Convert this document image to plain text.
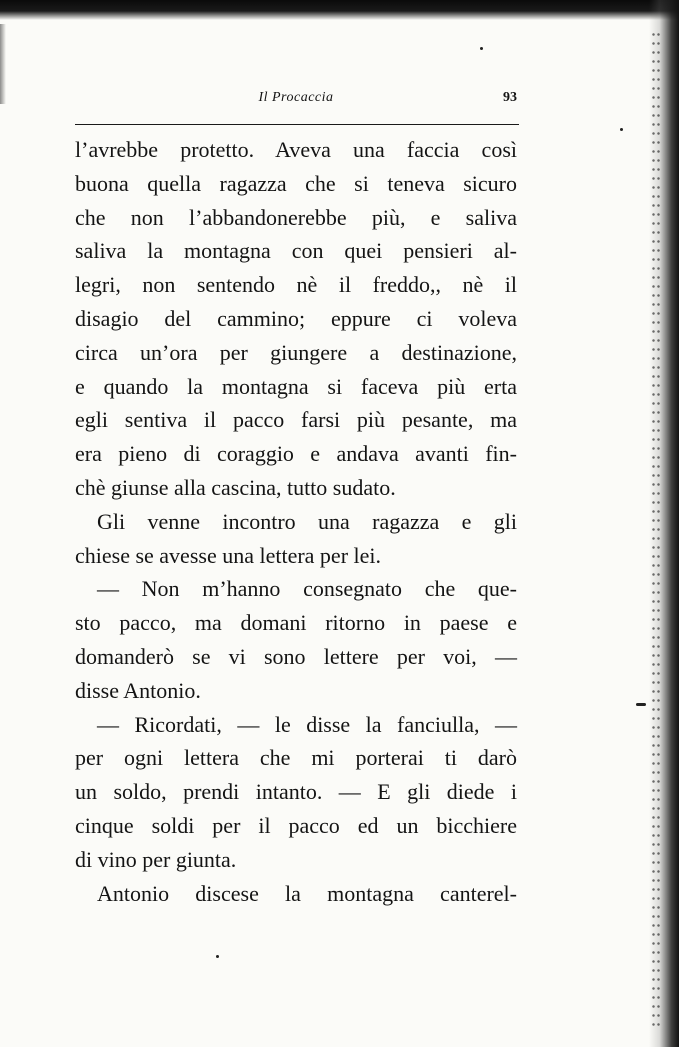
Il Procaccia	93
l’avrebbe protetto. Aveva una faccia così
buona quella ragazza che si teneva sicuro
che non l’abbandonerebbe più, e saliva
saliva la montagna con quei pensieri al-
legri, non sentendo nè il freddo,, nè il
disagio del cammino; eppure ci voleva
circa un’ora per giungere a destinazione,
e quando la montagna si faceva più erta
egli sentiva il pacco farsi più pesante, ma
era pieno di coraggio e andava avanti fin-
chè giunse alla cascina, tutto sudato.
Gli venne incontro una ragazza e gli
chiese se avesse una lettera per lei.
— Non m’hanno consegnato che que-
sto pacco, ma domani ritorno in paese e
domanderò se vi sono lettere per voi, —
disse Antonio.
— Ricordati, — le disse la fanciulla, —
per ogni lettera che mi porterai ti darò
un soldo, prendi intanto. — E gli diede i
cinque soldi per il pacco ed un bicchiere
di vino per giunta.
Antonio discese la montagna canterel-
